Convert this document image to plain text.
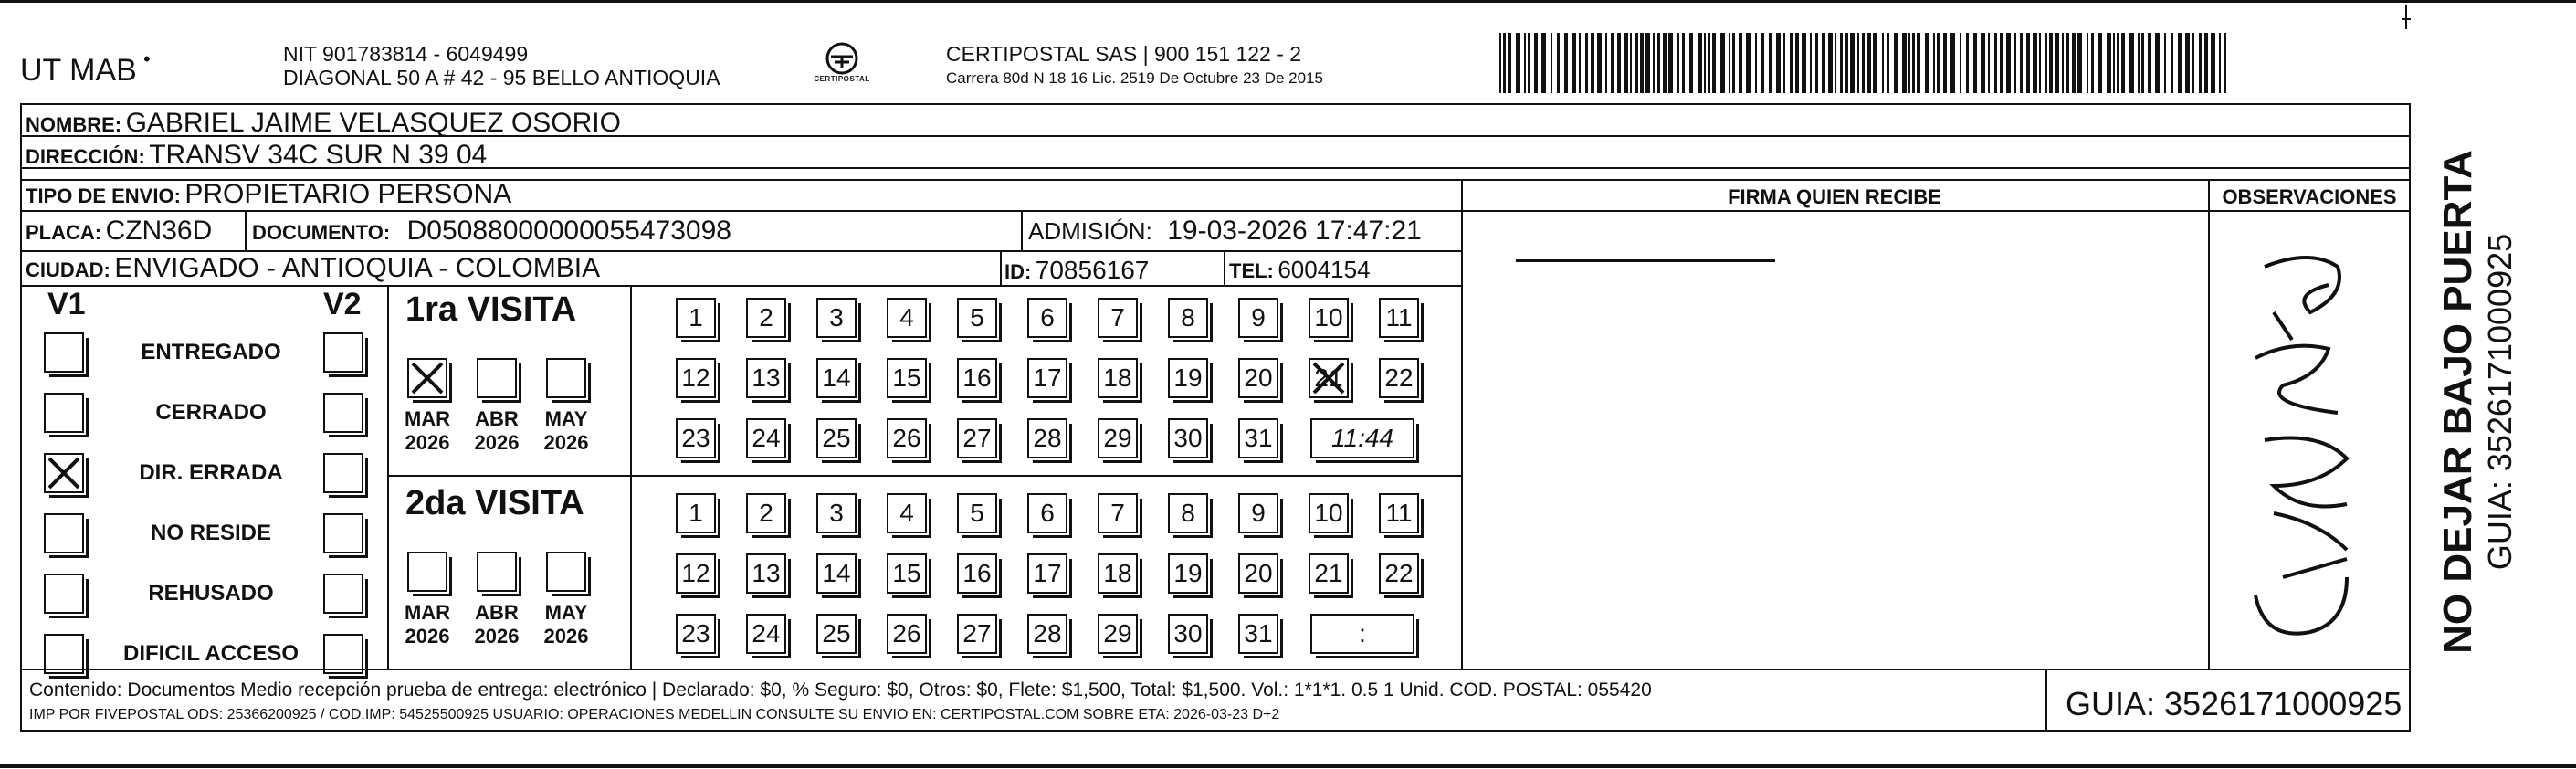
UT MAB •	NIT 901783814 - 6049499
DIAGONAL 50 A # 42 - 95 BELLO ANTIOQUIA	CERTIPOSTAL
CERTIPOSTAL SAS | 900 151 122 - 2
Carrera 80d N 18 16 Lic. 2519 De Octubre 23 De 2015
NOMBRE: GABRIEL JAIME VELASQUEZ OSORIO
DIRECCIÓN: TRANSV 34C SUR N 39 04
TIPO DE ENVIO: PROPIETARIO PERSONA
PLACA: CZN36D DOCUMENTO: D05088000000055473098	ADMISIÓN: 19-03-2026 17:47:21
CIUDAD: ENVIGADO - ANTIOQUIA - COLOMBIA	ID: 70856167	TEL: 6004154
FIRMA QUIEN RECIBE	OBSERVACIONES NO DEJAR BAJO PUERTA GUIA: 3526171000925
V1	V2
ENTREGADO
CERRADO
DIR. ERRADA
NO RESIDE
REHUSADO
DIFICIL ACCESO
1ra VISITA
2da VISITA
MAR
2026
ABR
2026
MAY
2026
MAR
2026
ABR
2026
MAY
2026
1	2	3	4	5	6	7	8	9	10 11
12 13 14 15 16 17 18 19 20 21 22
23 24 25 26 27 28 29 30 31	11:44
1	2	3	4	5	6	7	8	9	10 11
12 13 14 15 16 17 18 19 20 21 22
23 24 25 26 27 28 29 30 31	:
Contenido: Documentos Medio recepción prueba de entrega: electrónico | Declarado: $0, % Seguro: $0, Otros: $0, Flete: $1,500, Total: $1,500. Vol.: 1*1*1. 0.5 1 Unid. COD. POSTAL: 055420
IMP POR FIVEPOSTAL ODS: 25366200925 / COD.IMP: 54525500925 USUARIO: OPERACIONES MEDELLIN CONSULTE SU ENVIO EN: CERTIPOSTAL.COM SOBRE ETA: 2026-03-23 D+2	GUIA: 3526171000925
